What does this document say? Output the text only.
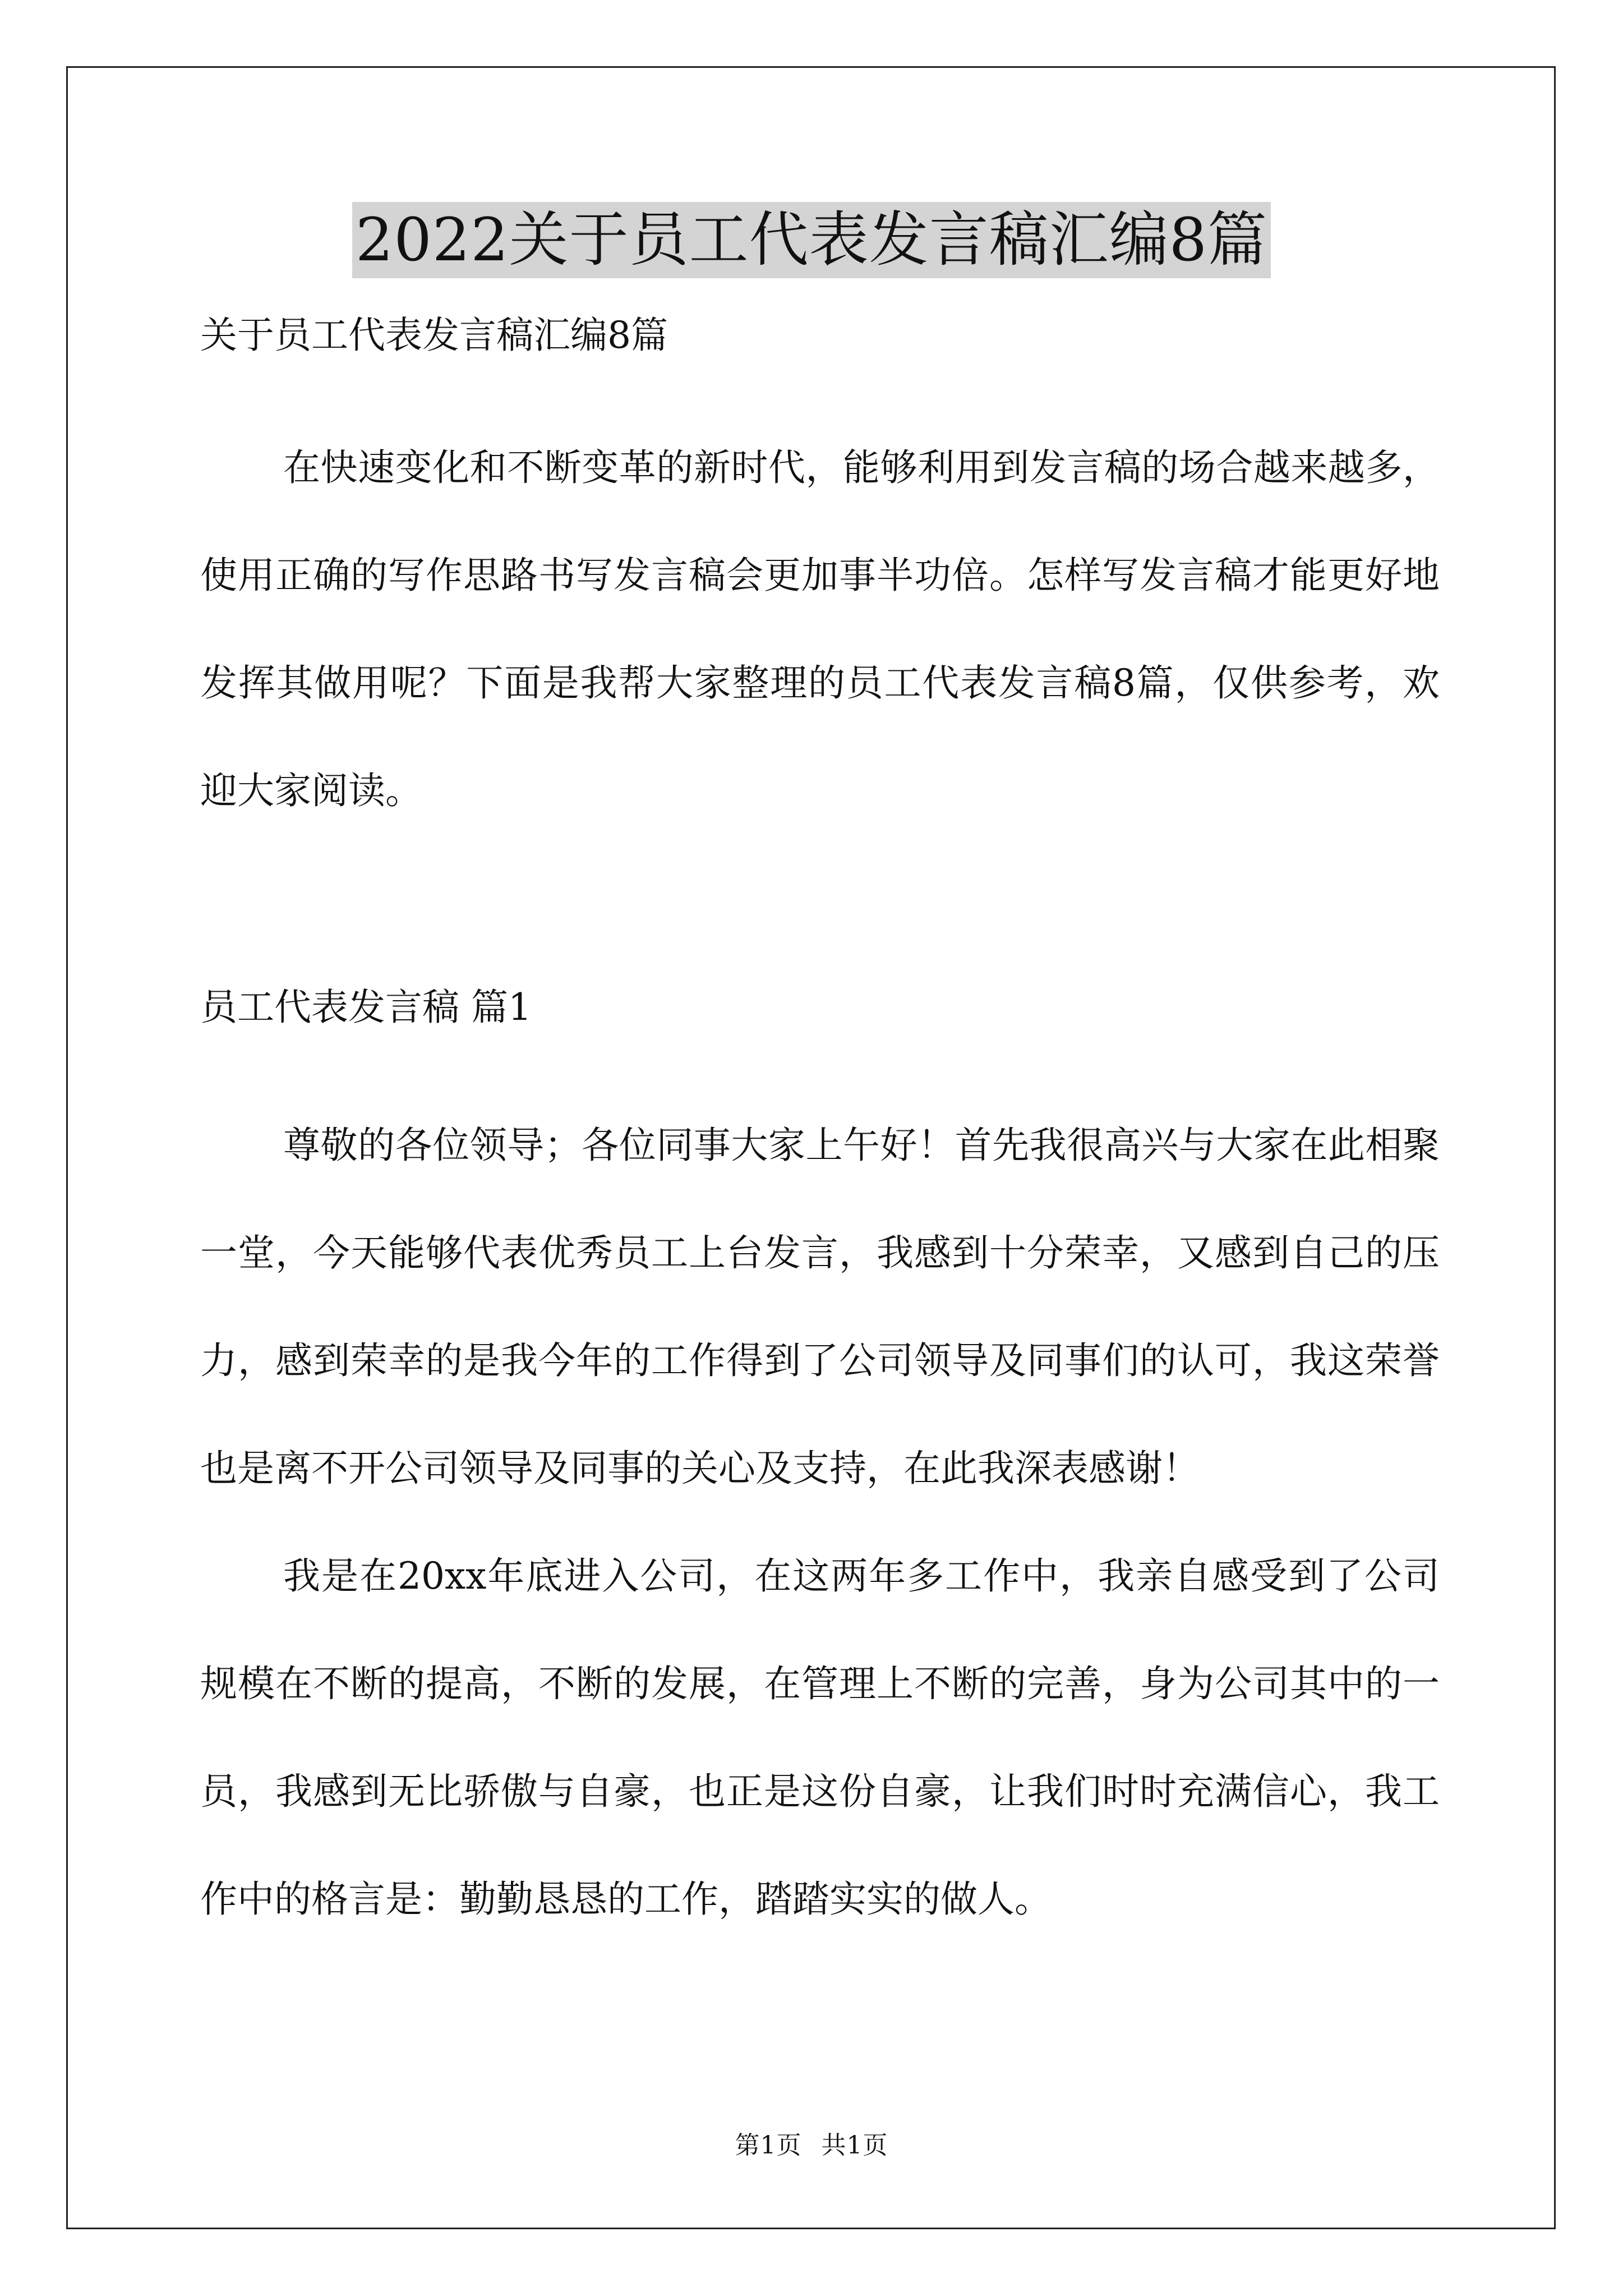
2022关于员工代表发言稿汇编8篇
关于员工代表发言稿汇编8篇

在快速变化和不断变革的新时代，能够利用到发言稿的场合越来越多，使用正确的写作思路书写发言稿会更加事半功倍。怎样写发言稿才能更好地发挥其做用呢？下面是我帮大家整理的员工代表发言稿8篇，仅供参考，欢迎大家阅读。

员工代表发言稿 篇1

尊敬的各位领导；各位同事大家上午好！首先我很高兴与大家在此相聚一堂，今天能够代表优秀员工上台发言，我感到十分荣幸，又感到自己的压力，感到荣幸的是我今年的工作得到了公司领导及同事们的认可，我这荣誉也是离不开公司领导及同事的关心及支持，在此我深表感谢！

我是在20xx年底进入公司，在这两年多工作中，我亲自感受到了公司规模在不断的提高，不断的发展，在管理上不断的完善，身为公司其中的一员，我感到无比骄傲与自豪，也正是这份自豪，让我们时时充满信心，我工作中的格言是：勤勤恳恳的工作，踏踏实实的做人。

第1页 共1页
